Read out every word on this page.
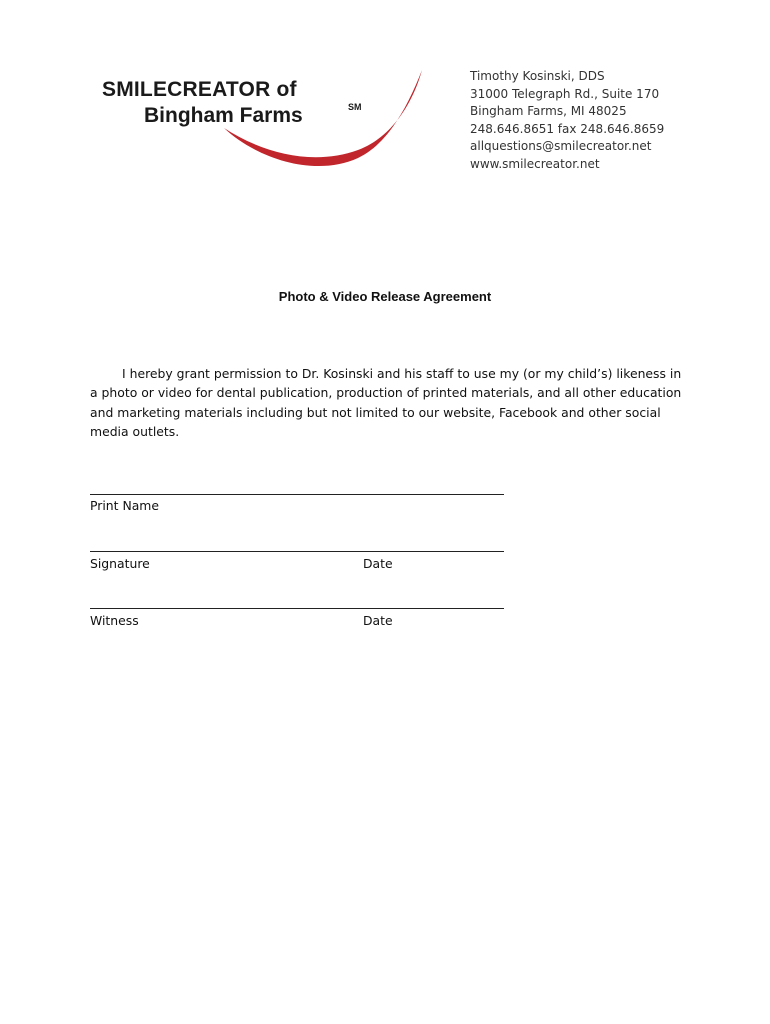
SMILECREATOR of
Bingham Farms	SM
Timothy Kosinski, DDS
31000 Telegraph Rd., Suite 170
Bingham Farms, MI 48025
248.646.8651 fax 248.646.8659
allquestions@smilecreator.net
www.smilecreator.net
Photo & Video Release Agreement
I hereby grant permission to Dr. Kosinski and his staff to use my (or my child’s) likeness in a photo or video for dental publication, production of printed materials, and all other education and marketing materials including but not limited to our website, Facebook and other social media outlets.
Print Name
Signature	Date
Witness	Date
